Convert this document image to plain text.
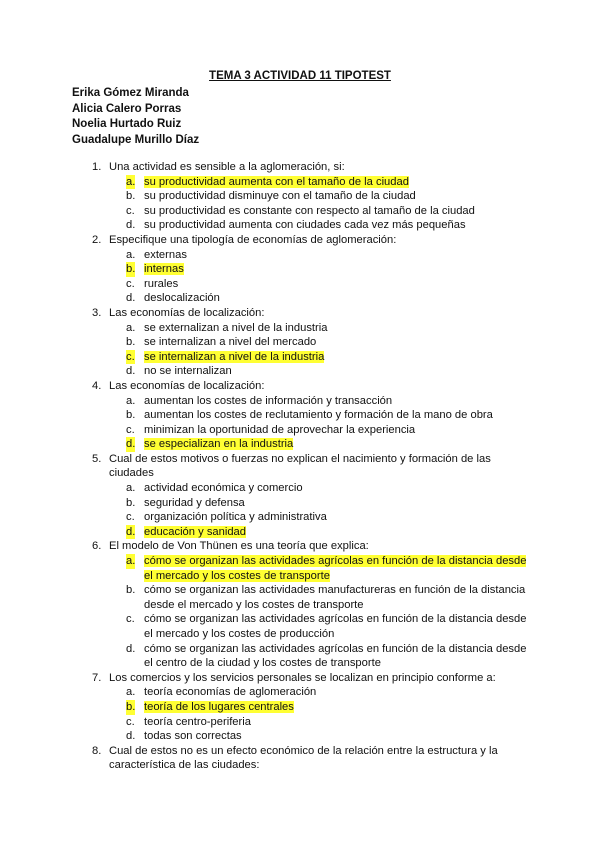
TEMA 3 ACTIVIDAD 11 TIPOTEST
Erika Gómez Miranda
Alicia Calero Porras
Noelia Hurtado Ruiz
Guadalupe Murillo Díaz
1. Una actividad es sensible a la aglomeración, si:
a. su productividad aumenta con el tamaño de la ciudad
b. su productividad disminuye con el tamaño de la ciudad
c. su productividad es constante con respecto al tamaño de la ciudad
d. su productividad aumenta con ciudades cada vez más pequeñas
2. Especifique una tipología de economías de aglomeración:
a. externas
b. internas
c. rurales
d. deslocalización
3. Las economías de localización:
a. se externalizan a nivel de la industria
b. se internalizan a nivel del mercado
c. se internalizan a nivel de la industria
d. no se internalizan
4. Las economías de localización:
a. aumentan los costes de información y transacción
b. aumentan los costes de reclutamiento y formación de la mano de obra
c. minimizan la oportunidad de aprovechar la experiencia
d. se especializan en la industria
5. Cual de estos motivos o fuerzas no explican el nacimiento y formación de las ciudades
a. actividad económica y comercio
b. seguridad y defensa
c. organización política y administrativa
d. educación y sanidad
6. El modelo de Von Thünen es una teoría que explica:
a. cómo se organizan las actividades agrícolas en función de la distancia desde el mercado y los costes de transporte
b. cómo se organizan las actividades manufactureras en función de la distancia desde el mercado y los costes de transporte
c. cómo se organizan las actividades agrícolas en función de la distancia desde el mercado y los costes de producción
d. cómo se organizan las actividades agrícolas en función de la distancia desde el centro de la ciudad y los costes de transporte
7. Los comercios y los servicios personales se localizan en principio conforme a:
a. teoría economías de aglomeración
b. teoría de los lugares centrales
c. teoría centro-periferia
d. todas son correctas
8. Cual de estos no es un efecto económico de la relación entre la estructura y la característica de las ciudades:
